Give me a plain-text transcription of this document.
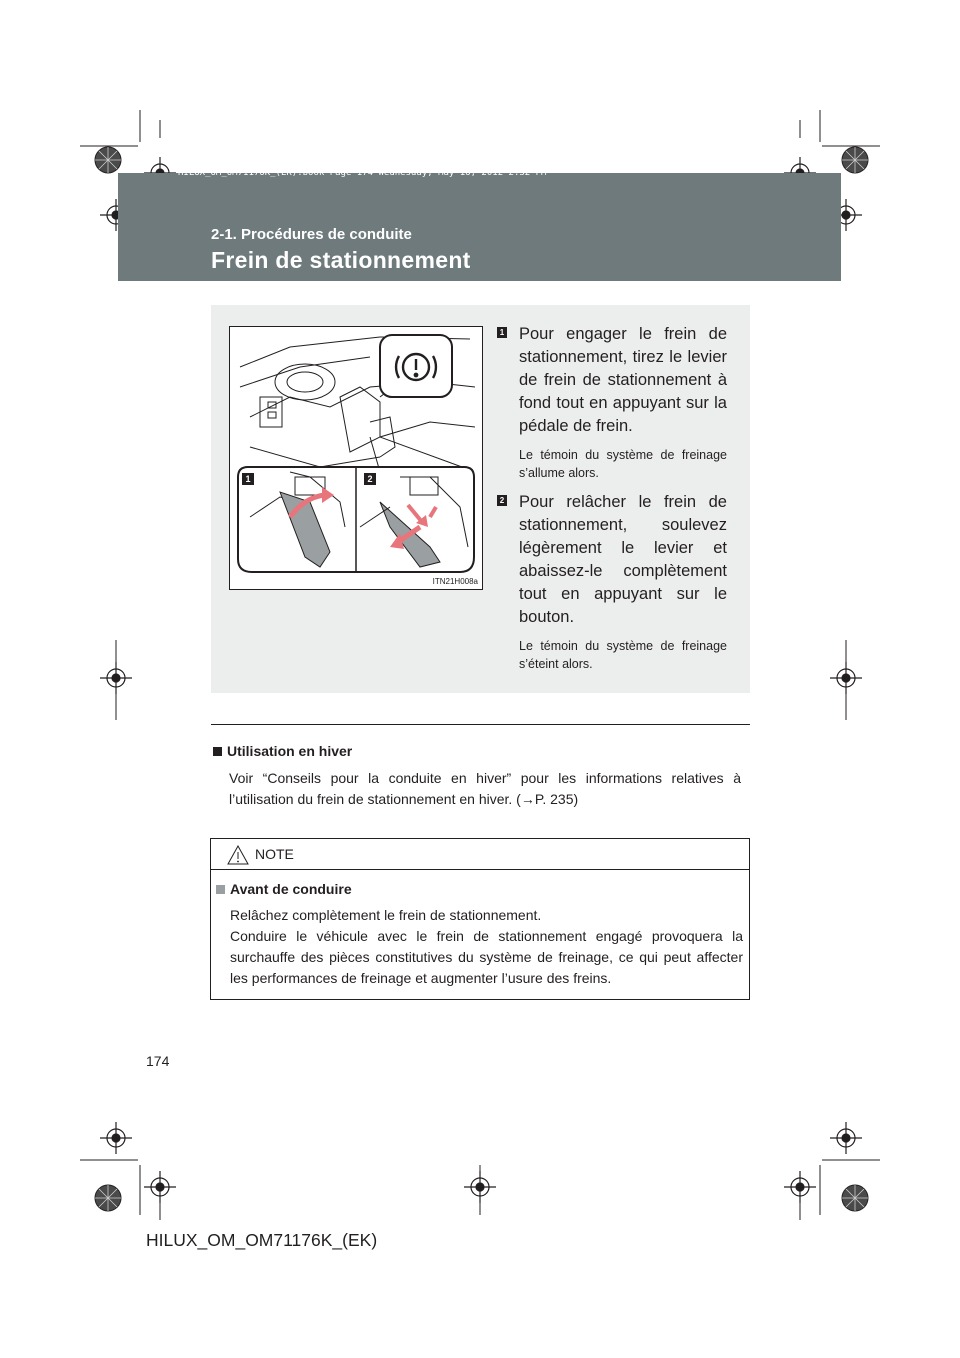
HILUX_OM_OM71176K_(EK).book Page 174 Wednesday, May 16, 2012 2:32 PM
2-1. Procédures de conduite
Frein de stationnement
1	2
ITN21H008a
1 Pour engager le frein de stationnement, tirez le levier de frein de stationnement à fond tout en appuyant sur la pédale de frein.
Le témoin du système de freinage s’allume alors.
2 Pour relâcher le frein de stationnement, soulevez légèrement le levier et abaissez-le complètement tout en appuyant sur le bouton.
Le témoin du système de freinage s’éteint alors.
Utilisation en hiver
Voir “Conseils pour la conduite en hiver” pour les informations relatives à l’utilisation du frein de stationnement en hiver. (→P. 235)
NOTE
Avant de conduire
Relâchez complètement le frein de stationnement.
Conduire le véhicule avec le frein de stationnement engagé provoquera la surchauffe des pièces constitutives du système de freinage, ce qui peut affecter les performances de freinage et augmenter l’usure des freins.
174
HILUX_OM_OM71176K_(EK)
